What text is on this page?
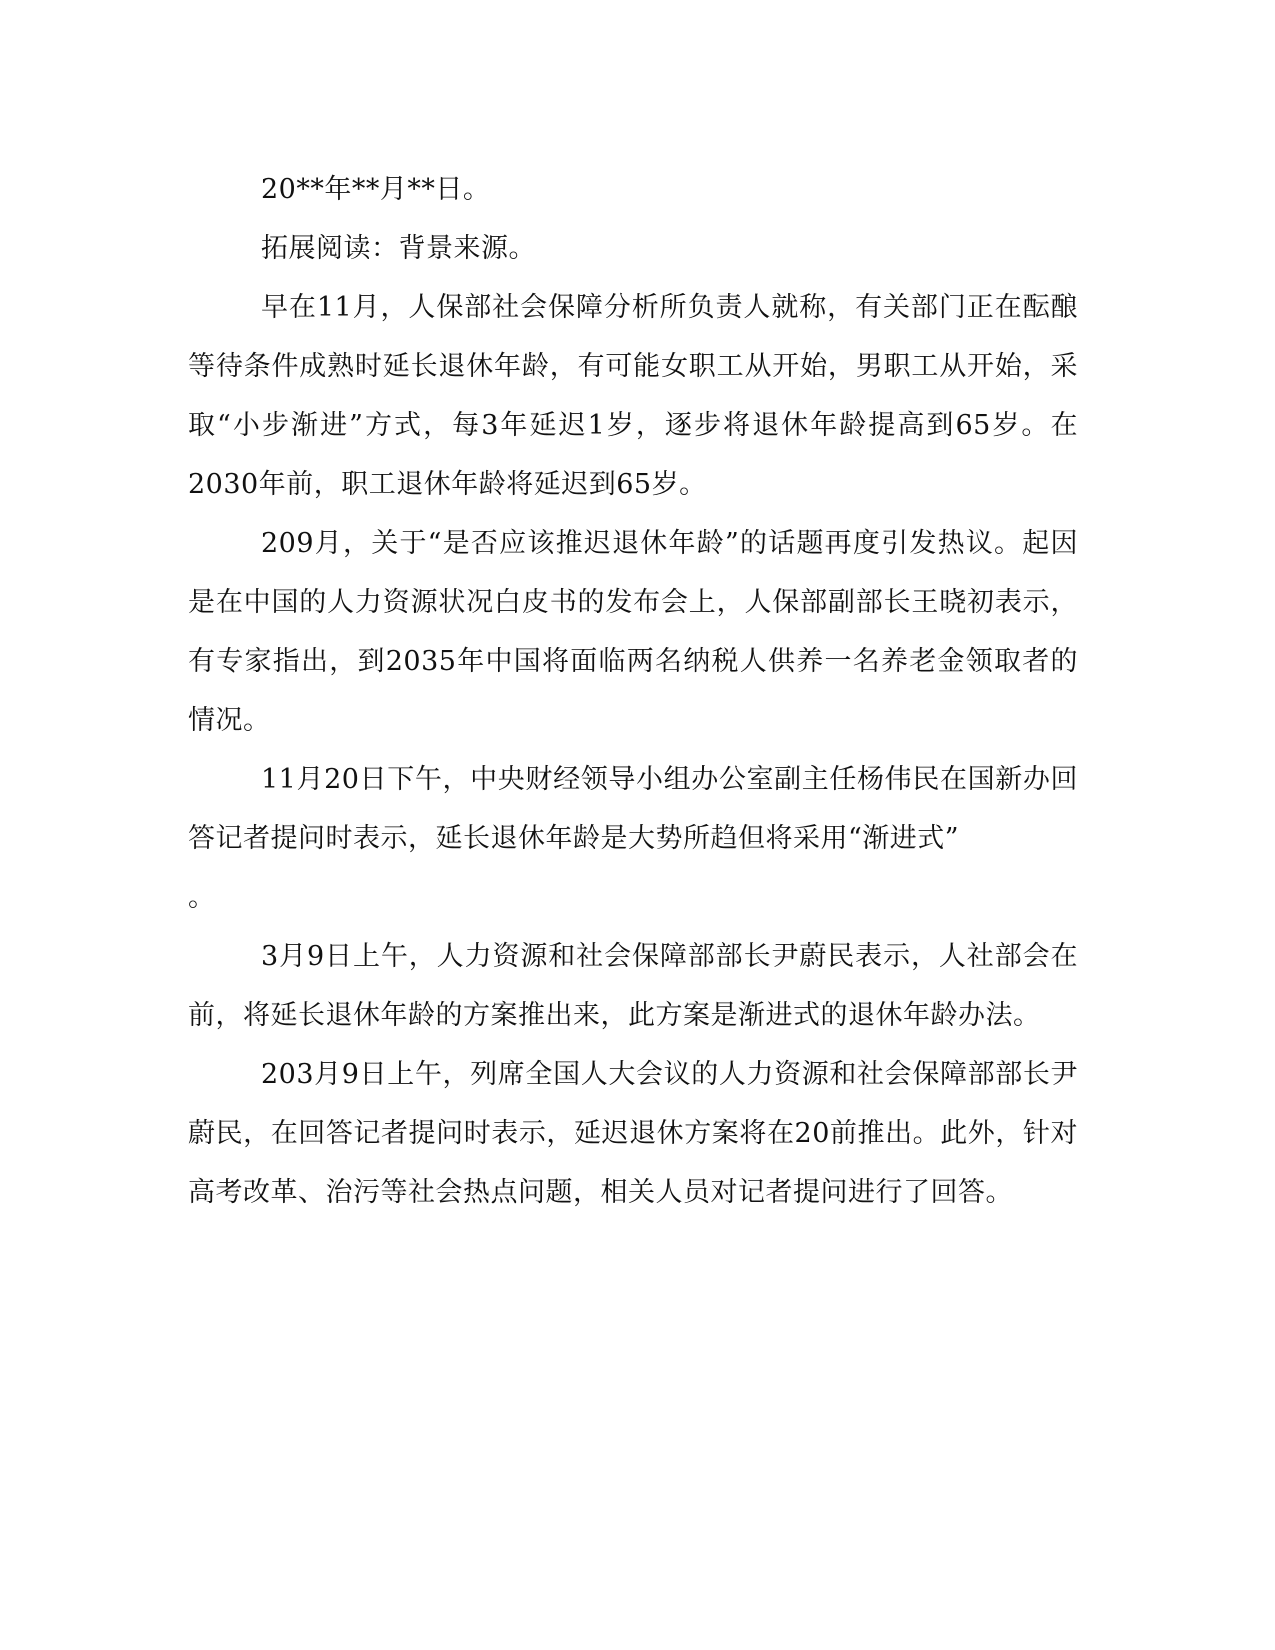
20**年**月**日。

拓展阅读：背景来源。

早在11月，人保部社会保障分析所负责人就称，有关部门正在酝酿等待条件成熟时延长退休年龄，有可能女职工从开始，男职工从开始，采取“小步渐进”方式，每3年延迟1岁，逐步将退休年龄提高到65岁。在2030年前，职工退休年龄将延迟到65岁。

209月，关于“是否应该推迟退休年龄”的话题再度引发热议。起因是在中国的人力资源状况白皮书的发布会上，人保部副部长王晓初表示，有专家指出，到2035年中国将面临两名纳税人供养一名养老金领取者的情况。

11月20日下午，中央财经领导小组办公室副主任杨伟民在国新办回答记者提问时表示，延长退休年龄是大势所趋但将采用“渐进式”
。

3月9日上午，人力资源和社会保障部部长尹蔚民表示，人社部会在前，将延长退休年龄的方案推出来，此方案是渐进式的退休年龄办法。

203月9日上午，列席全国人大会议的人力资源和社会保障部部长尹蔚民，在回答记者提问时表示，延迟退休方案将在20前推出。此外，针对高考改革、治污等社会热点问题，相关人员对记者提问进行了回答。
